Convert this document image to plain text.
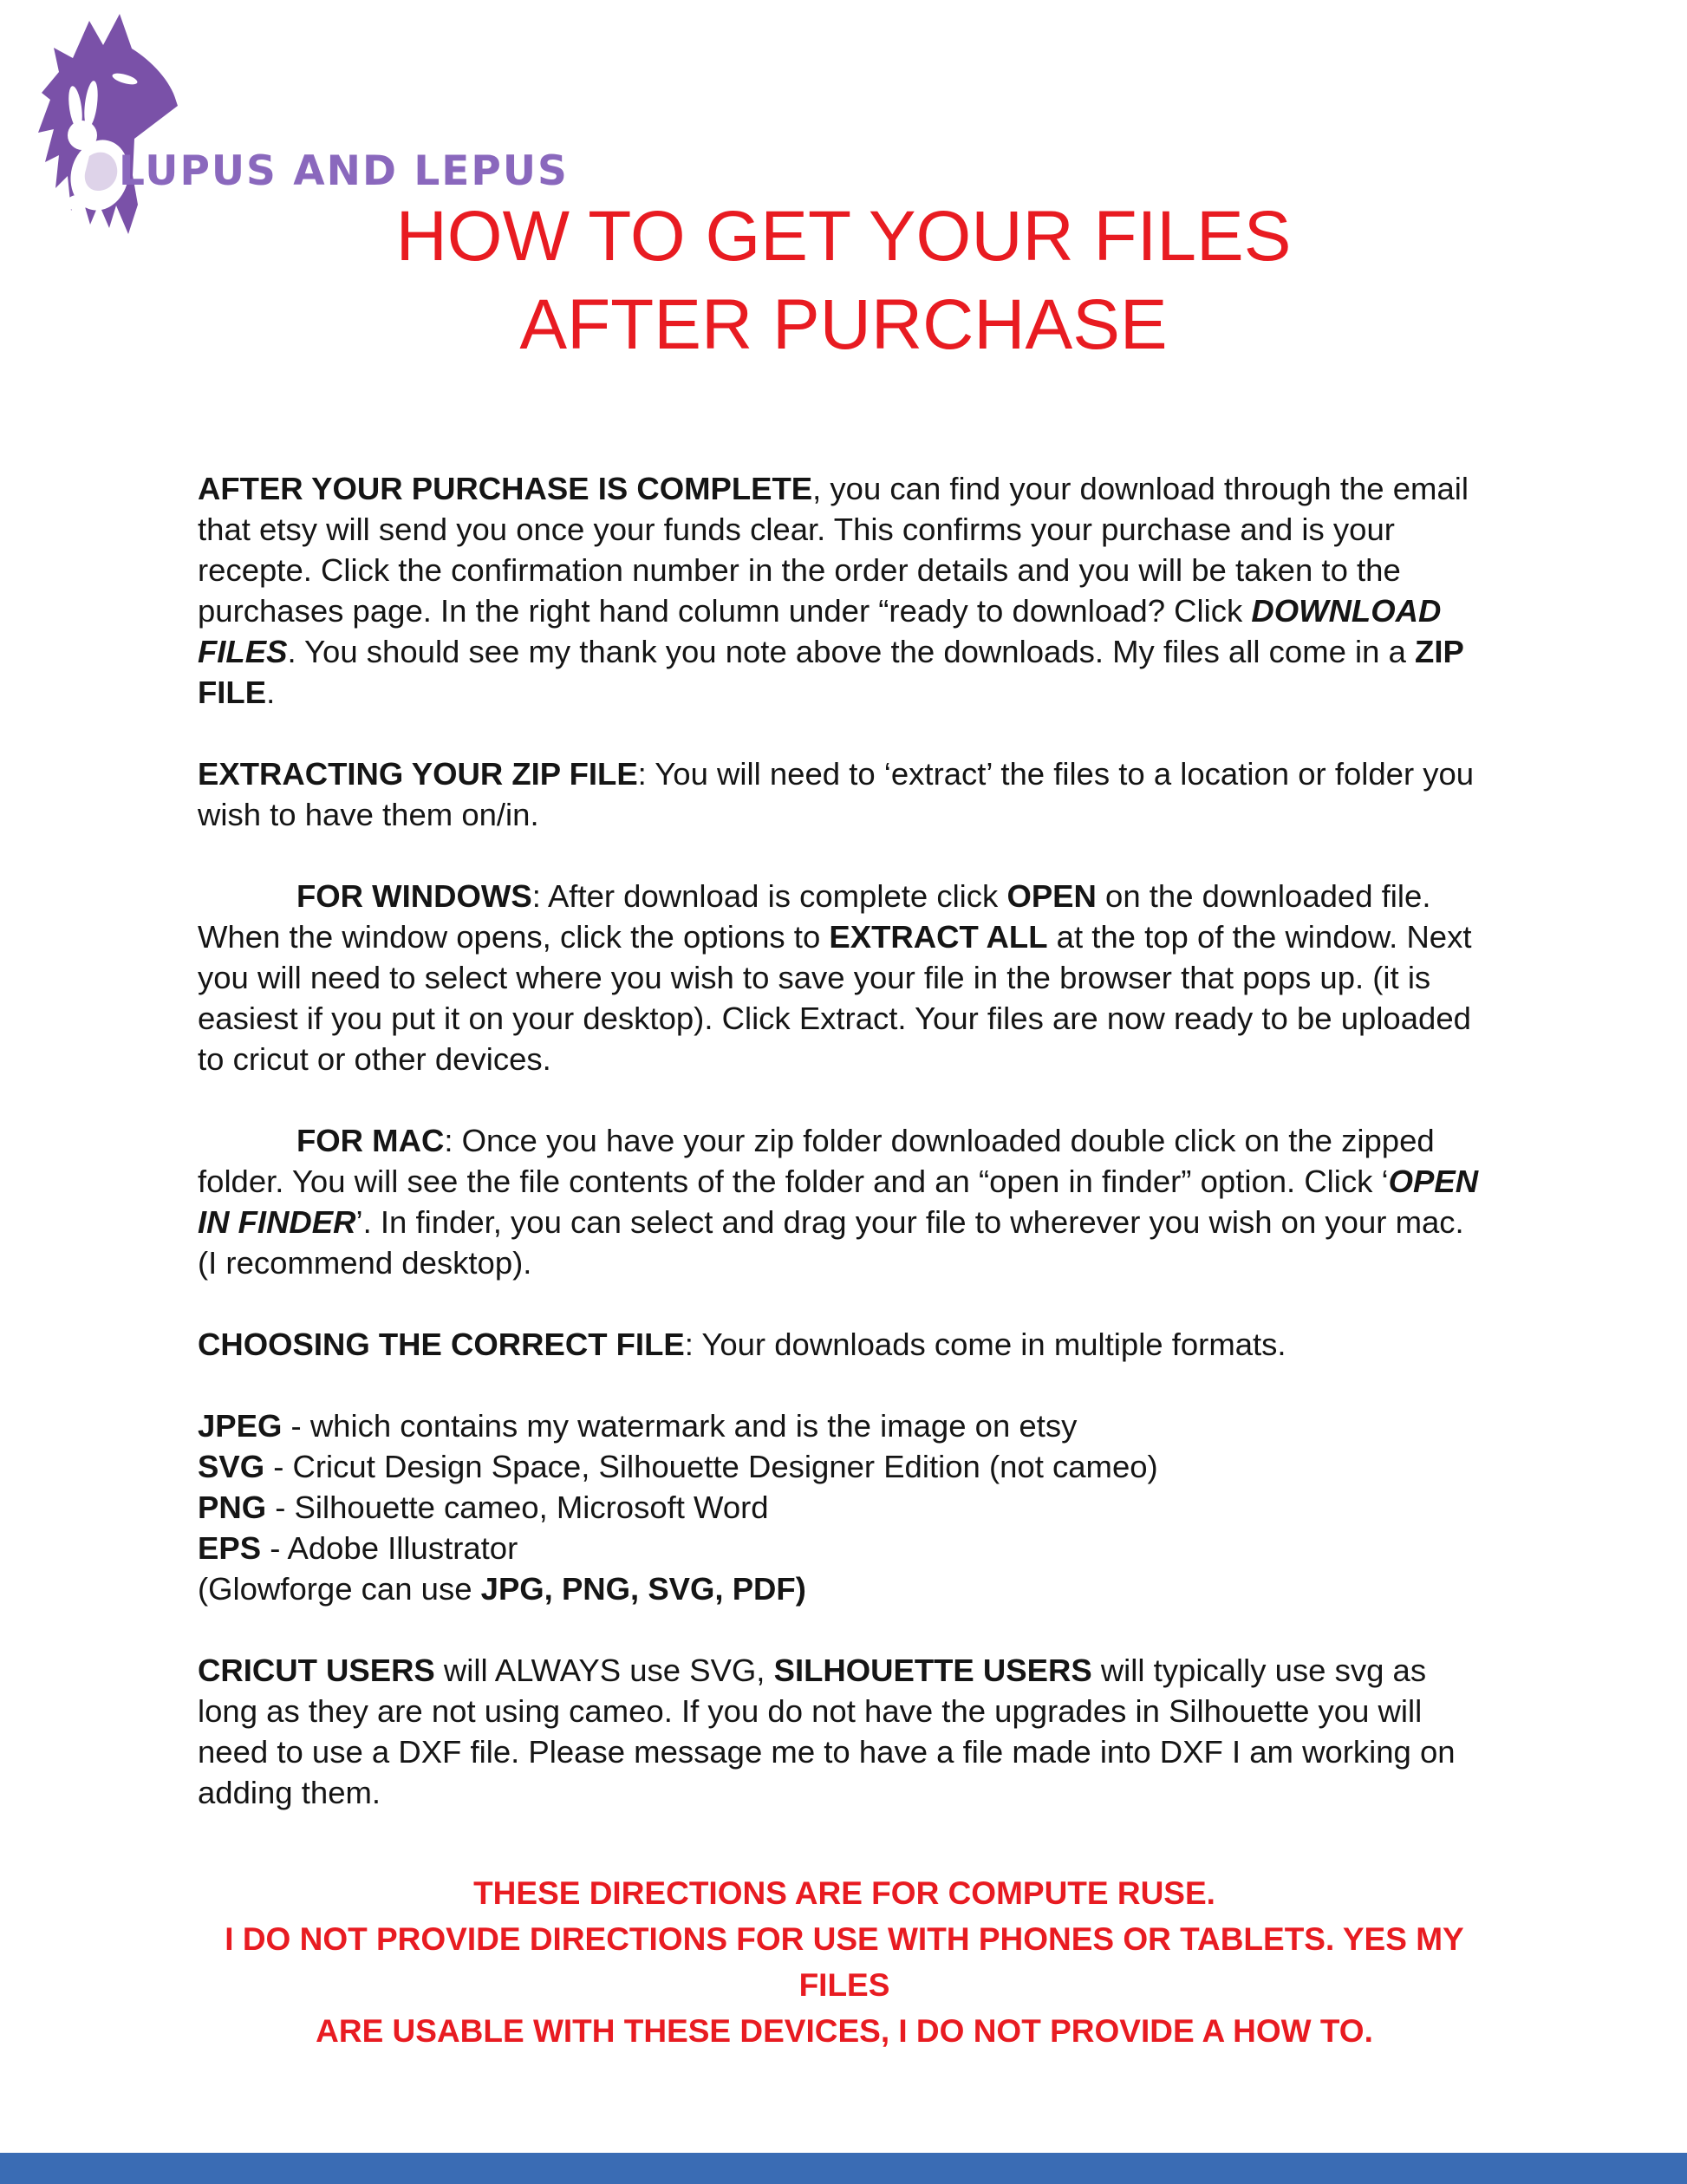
LUPUS AND LEPUS
HOW TO GET YOUR FILES
AFTER PURCHASE

AFTER YOUR PURCHASE IS COMPLETE, you can find your download through the email that etsy will send you once your funds clear. This confirms your purchase and is your recepte. Click the confirmation number in the order details and you will be taken to the purchases page. In the right hand column under “ready to download? Click DOWNLOAD FILES. You should see my thank you note above the downloads. My files all come in a ZIP FILE.

EXTRACTING YOUR ZIP FILE: You will need to ‘extract’ the files to a location or folder you wish to have them on/in.

FOR WINDOWS: After download is complete click OPEN on the downloaded file. When the window opens, click the options to EXTRACT ALL at the top of the window. Next you will need to select where you wish to save your file in the browser that pops up. (it is easiest if you put it on your desktop). Click Extract. Your files are now ready to be uploaded to cricut or other devices.

FOR MAC: Once you have your zip folder downloaded double click on the zipped folder. You will see the file contents of the folder and an “open in finder” option. Click ‘OPEN IN FINDER’. In finder, you can select and drag your file to wherever you wish on your mac. (I recommend desktop).

CHOOSING THE CORRECT FILE: Your downloads come in multiple formats.

JPEG - which contains my watermark and is the image on etsy

SVG - Cricut Design Space, Silhouette Designer Edition (not cameo)

PNG - Silhouette cameo, Microsoft Word

EPS - Adobe Illustrator

(Glowforge can use JPG, PNG, SVG, PDF)

CRICUT USERS will ALWAYS use SVG, SILHOUETTE USERS will typically use svg as long as they are not using cameo. If you do not have the upgrades in Silhouette you will need to use a DXF file. Please message me to have a file made into DXF I am working on adding them.

THESE DIRECTIONS ARE FOR COMPUTE RUSE.
I DO NOT PROVIDE DIRECTIONS FOR USE WITH PHONES OR TABLETS. YES MY FILES
ARE USABLE WITH THESE DEVICES, I DO NOT PROVIDE A HOW TO.
